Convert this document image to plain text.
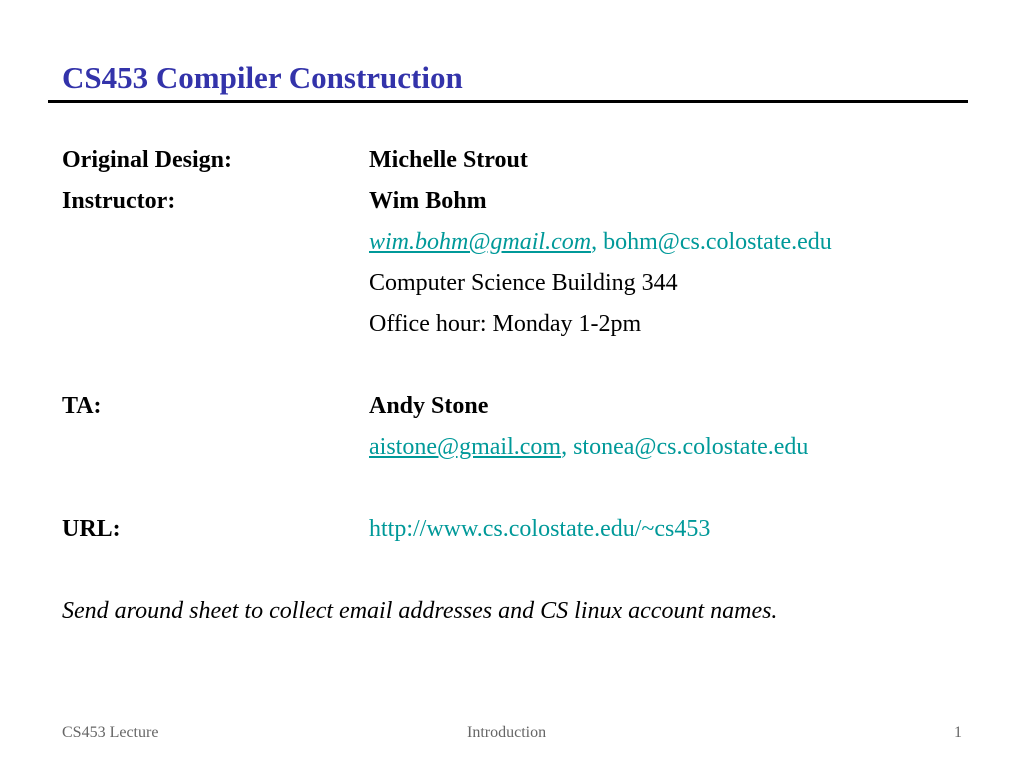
CS453 Compiler Construction
Original Design:	Michelle Strout
Instructor:	Wim Bohm
wim.bohm@gmail.com, bohm@cs.colostate.edu
Computer Science Building 344
Office hour: Monday 1-2pm
TA:	Andy Stone
aistone@gmail.com, stonea@cs.colostate.edu
URL:	http://www.cs.colostate.edu/~cs453
Send around sheet to collect email addresses and CS linux account names.
CS453 Lecture	Introduction	1
